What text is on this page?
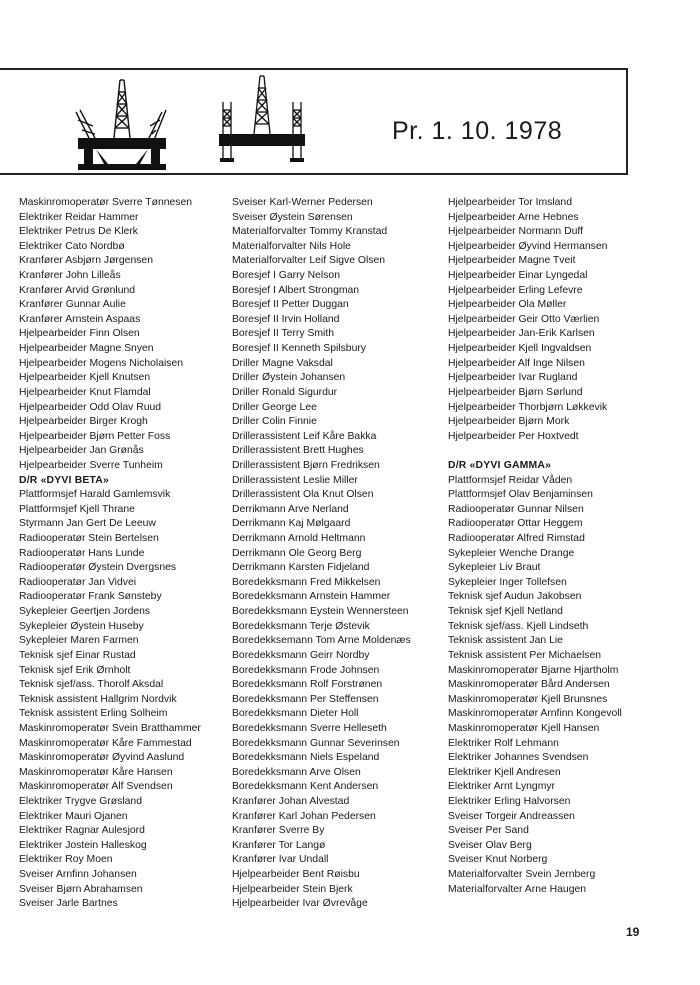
Pr. 1. 10. 1978
Maskinromoperatør Sverre Tønnesen
Elektriker Reidar Hammer
Elektriker Petrus De Klerk
Elektriker Cato Nordbø
Kranfører Asbjørn Jørgensen
Kranfører John Lilleås
Kranfører Arvid Grønlund
Kranfører Gunnar Aulie
Kranfører Arnstein Aspaas
Hjelpearbeider Finn Olsen
Hjelpearbeider Magne Snyen
Hjelpearbeider Mogens Nicholaisen
Hjelpearbeider Kjell Knutsen
Hjelpearbeider Knut Flamdal
Hjelpearbeider Odd Olav Ruud
Hjelpearbeider Birger Krogh
Hjelpearbeider Bjørn Petter Foss
Hjelpearbeider Jan Grønås
Hjelpearbeider Sverre Tunheim
D/R «DYVI BETA»
Plattformsjef Harald Gamlemsvik
Plattformsjef Kjell Thrane
Styrmann Jan Gert De Leeuw
Radiooperatør Stein Bertelsen
Radiooperatør Hans Lunde
Radiooperatør Øystein Dvergsnes
Radiooperatør Jan Vidvei
Radiooperatør Frank Sønsteby
Sykepleier Geertjen Jordens
Sykepleier Øystein Huseby
Sykepleier Maren Farmen
Teknisk sjef Einar Rustad
Teknisk sjef Erik Ørnholt
Teknisk sjef/ass. Thorolf Aksdal
Teknisk assistent Hallgrim Nordvik
Teknisk assistent Erling Solheim
Maskinromoperatør Svein Bratthammer
Maskinromoperatør Kåre Fammestad
Maskinromoperatør Øyvind Aaslund
Maskinromoperatør Kåre Hansen
Maskinromoperatør Alf Svendsen
Elektriker Trygve Grøsland
Elektriker Mauri Ojanen
Elektriker Ragnar Aulesjord
Elektriker Jostein Halleskog
Elektriker Roy Moen
Sveiser Arnfinn Johansen
Sveiser Bjørn Abrahamsen
Sveiser Jarle Bartnes
Sveiser Karl-Werner Pedersen
Sveiser Øystein Sørensen
Materialforvalter Tommy Kranstad
Materialforvalter Nils Hole
Materialforvalter Leif Sigve Olsen
Boresjef I Garry Nelson
Boresjef I Albert Strongman
Boresjef II Petter Duggan
Boresjef II Irvin Holland
Boresjef II Terry Smith
Boresjef II Kenneth Spilsbury
Driller Magne Vaksdal
Driller Øystein Johansen
Driller Ronald Sigurdur
Driller George Lee
Driller Colin Finnie
Drillerassistent Leif Kåre Bakka
Drillerassistent Brett Hughes
Drillerassistent Bjørn Fredriksen
Drillerassistent Leslie Miller
Drillerassistent Ola Knut Olsen
Derrikmann Arve Nerland
Derrikmann Kaj Mølgaard
Derrikmann Arnold Heltmann
Derrikmann Ole Georg Berg
Derrikmann Karsten Fidjeland
Boredekksmann Fred Mikkelsen
Boredekksmann Arnstein Hammer
Boredekksmann Eystein Wennersteen
Boredekksmann Terje Østevik
Boredekksemann Tom Arne Moldenæs
Boredekksmann Geirr Nordby
Boredekksmann Frode Johnsen
Boredekksmann Rolf Forstrønen
Boredekksmann Per Steffensen
Boredekksmann Dieter Holl
Boredekksmann Sverre Helleseth
Boredekksmann Gunnar Severinsen
Boredekksmann Niels Espeland
Boredekksmann Arve Olsen
Boredekksmann Kent Andersen
Kranfører Johan Alvestad
Kranfører Karl Johan Pedersen
Kranfører Sverre By
Kranfører Tor Langø
Kranfører Ivar Undall
Hjelpearbeider Bent Røisbu
Hjelpearbeider Stein Bjerk
Hjelpearbeider Ivar Øvrevåge
Hjelpearbeider Tor Imsland
Hjelpearbeider Arne Hebnes
Hjelpearbeider Normann Duff
Hjelpearbeider Øyvind Hermansen
Hjelpearbeider Magne Tveit
Hjelpearbeider Einar Lyngedal
Hjelpearbeider Erling Lefevre
Hjelpearbeider Ola Møller
Hjelpearbeider Geir Otto Værlien
Hjelpearbeider Jan-Erik Karlsen
Hjelpearbeider Kjell Ingvaldsen
Hjelpearbeider Alf Inge Nilsen
Hjelpearbeider Ivar Rugland
Hjelpearbeider Bjørn Sørlund
Hjelpearbeider Thorbjørn Løkkevik
Hjelpearbeider Bjørn Mork
Hjelpearbeider Per Hoxtvedt
D/R «DYVI GAMMA»
Plattformsjef Reidar Våden
Plattformsjef Olav Benjaminsen
Radiooperatør Gunnar Nilsen
Radiooperatør Ottar Heggem
Radiooperatør Alfred Rimstad
Sykepleier Wenche Drange
Sykepleier Liv Braut
Sykepleier Inger Tollefsen
Teknisk sjef Audun Jakobsen
Teknisk sjef Kjell Netland
Teknisk sjef/ass. Kjell Lindseth
Teknisk assistent Jan Lie
Teknisk assistent Per Michaelsen
Maskinromoperatør Bjarne Hjartholm
Maskinromoperatør Bård Andersen
Maskinromoperatør Kjell Brunsnes
Maskinromoperatør Arnfinn Kongevoll
Maskinromoperatør Kjell Hansen
Elektriker Rolf Lehmann
Elektriker Johannes Svendsen
Elektriker Kjell Andresen
Elektriker Arnt Lyngmyr
Elektriker Erling Halvorsen
Sveiser Torgeir Andreassen
Sveiser Per Sand
Sveiser Olav Berg
Sveiser Knut Norberg
Materialforvalter Svein Jernberg
Materialforvalter Arne Haugen
19
